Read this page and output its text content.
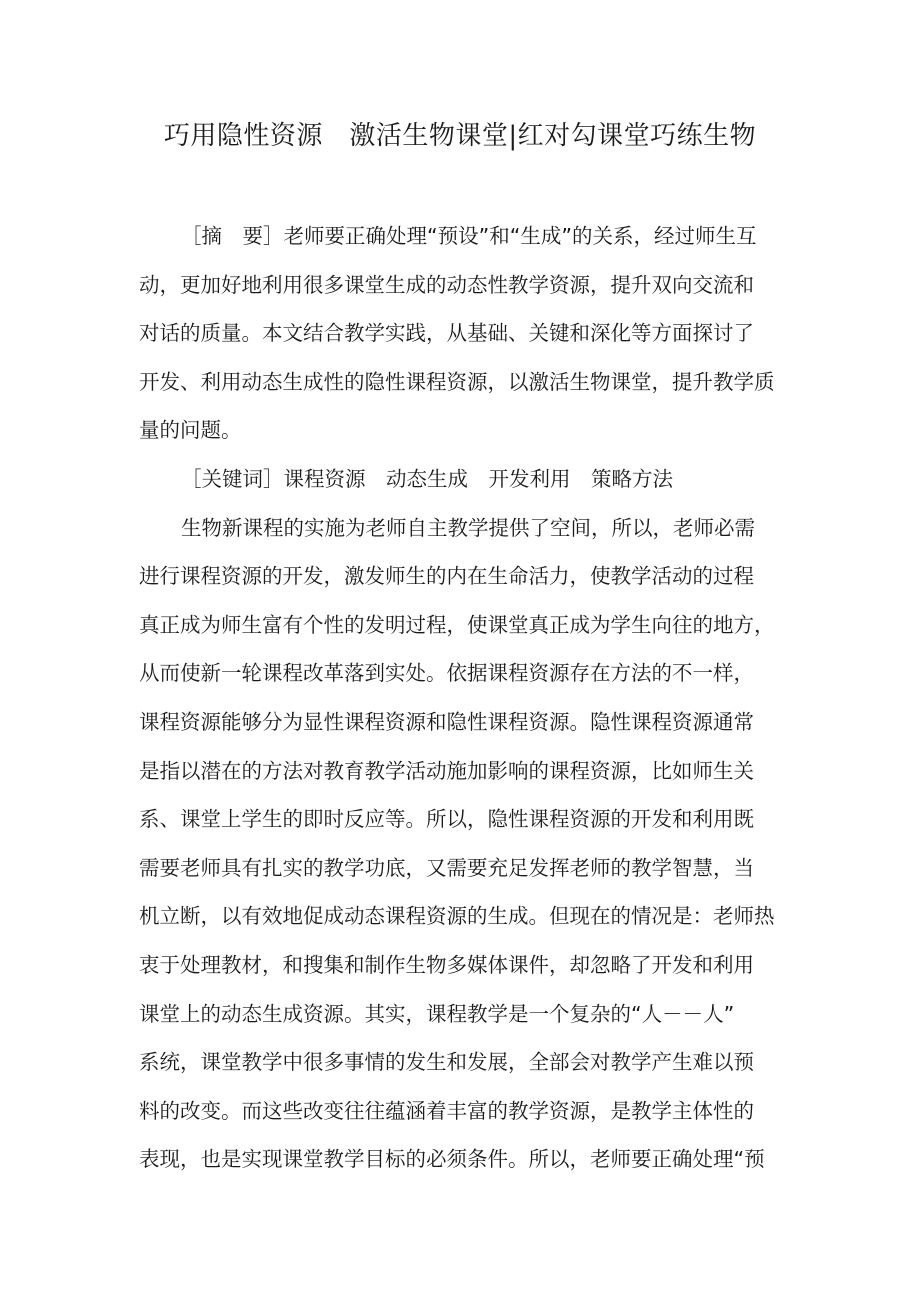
巧用隐性资源　激活生物课堂|红对勾课堂巧练生物
［摘　要］老师要正确处理“预设”和“生成”的关系，经过师生互
动，更加好地利用很多课堂生成的动态性教学资源，提升双向交流和
对话的质量。本文结合教学实践，从基础、关键和深化等方面探讨了
开发、利用动态生成性的隐性课程资源，以激活生物课堂，提升教学质
量的问题。
［关键词］课程资源　动态生成　开发利用　策略方法
生物新课程的实施为老师自主教学提供了空间，所以，老师必需
进行课程资源的开发，激发师生的内在生命活力，使教学活动的过程
真正成为师生富有个性的发明过程，使课堂真正成为学生向往的地方，
从而使新一轮课程改革落到实处。依据课程资源存在方法的不一样，
课程资源能够分为显性课程资源和隐性课程资源。隐性课程资源通常
是指以潜在的方法对教育教学活动施加影响的课程资源，比如师生关
系、课堂上学生的即时反应等。所以，隐性课程资源的开发和利用既
需要老师具有扎实的教学功底，又需要充足发挥老师的教学智慧，当
机立断，以有效地促成动态课程资源的生成。但现在的情况是：老师热
衷于处理教材，和搜集和制作生物多媒体课件，却忽略了开发和利用
课堂上的动态生成资源。其实，课程教学是一个复杂的“人－－人”
系统，课堂教学中很多事情的发生和发展，全部会对教学产生难以预
料的改变。而这些改变往往蕴涵着丰富的教学资源，是教学主体性的
表现，也是实现课堂教学目标的必须条件。所以，老师要正确处理“预
